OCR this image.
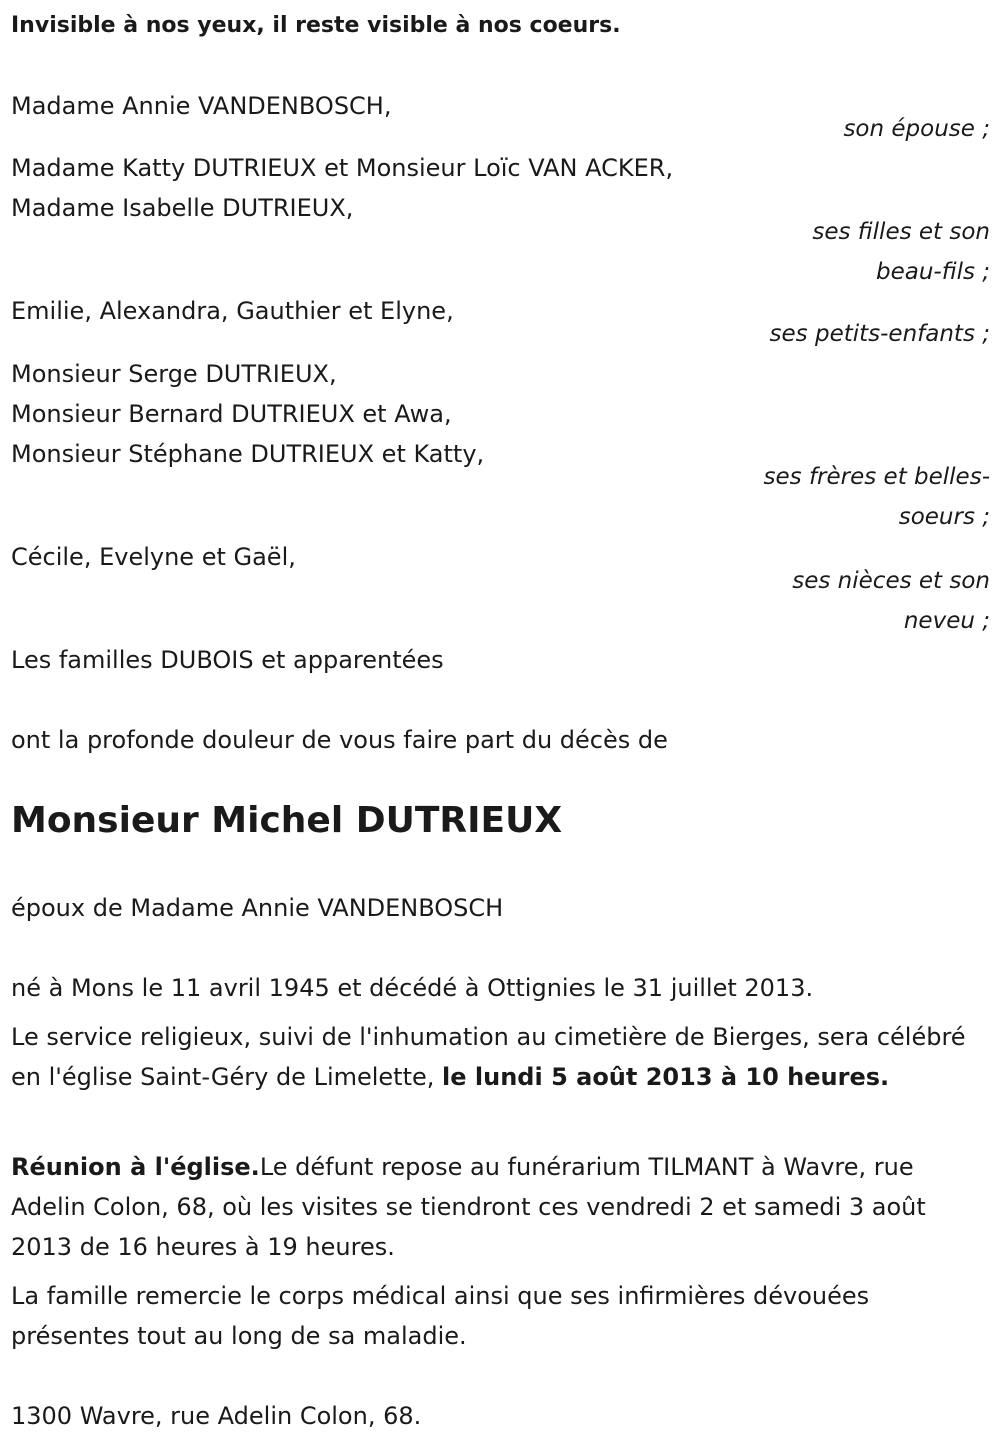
Invisible à nos yeux, il reste visible à nos coeurs.
Madame Annie VANDENBOSCH,
son épouse ;
Madame Katty DUTRIEUX et Monsieur Loïc VAN ACKER,
Madame Isabelle DUTRIEUX,
ses filles et son
beau-fils ;
Emilie, Alexandra, Gauthier et Elyne,
ses petits-enfants ;
Monsieur Serge DUTRIEUX,
Monsieur Bernard DUTRIEUX et Awa,
Monsieur Stéphane DUTRIEUX et Katty,
ses frères et belles-
soeurs ;
Cécile, Evelyne et Gaël,
ses nièces et son
neveu ;
Les familles DUBOIS et apparentées
ont la profonde douleur de vous faire part du décès de
Monsieur Michel DUTRIEUX
époux de Madame Annie VANDENBOSCH
né à Mons le 11 avril 1945 et décédé à Ottignies le 31 juillet 2013.
Le service religieux, suivi de l'inhumation au cimetière de Bierges, sera célébré en l'église Saint-Géry de Limelette, le lundi 5 août 2013 à 10 heures.
Réunion à l'église.Le défunt repose au funérarium TILMANT à Wavre, rue Adelin Colon, 68, où les visites se tiendront ces vendredi 2 et samedi 3 août 2013 de 16 heures à 19 heures.
La famille remercie le corps médical ainsi que ses infirmières dévouées présentes tout au long de sa maladie.
1300 Wavre, rue Adelin Colon, 68.
